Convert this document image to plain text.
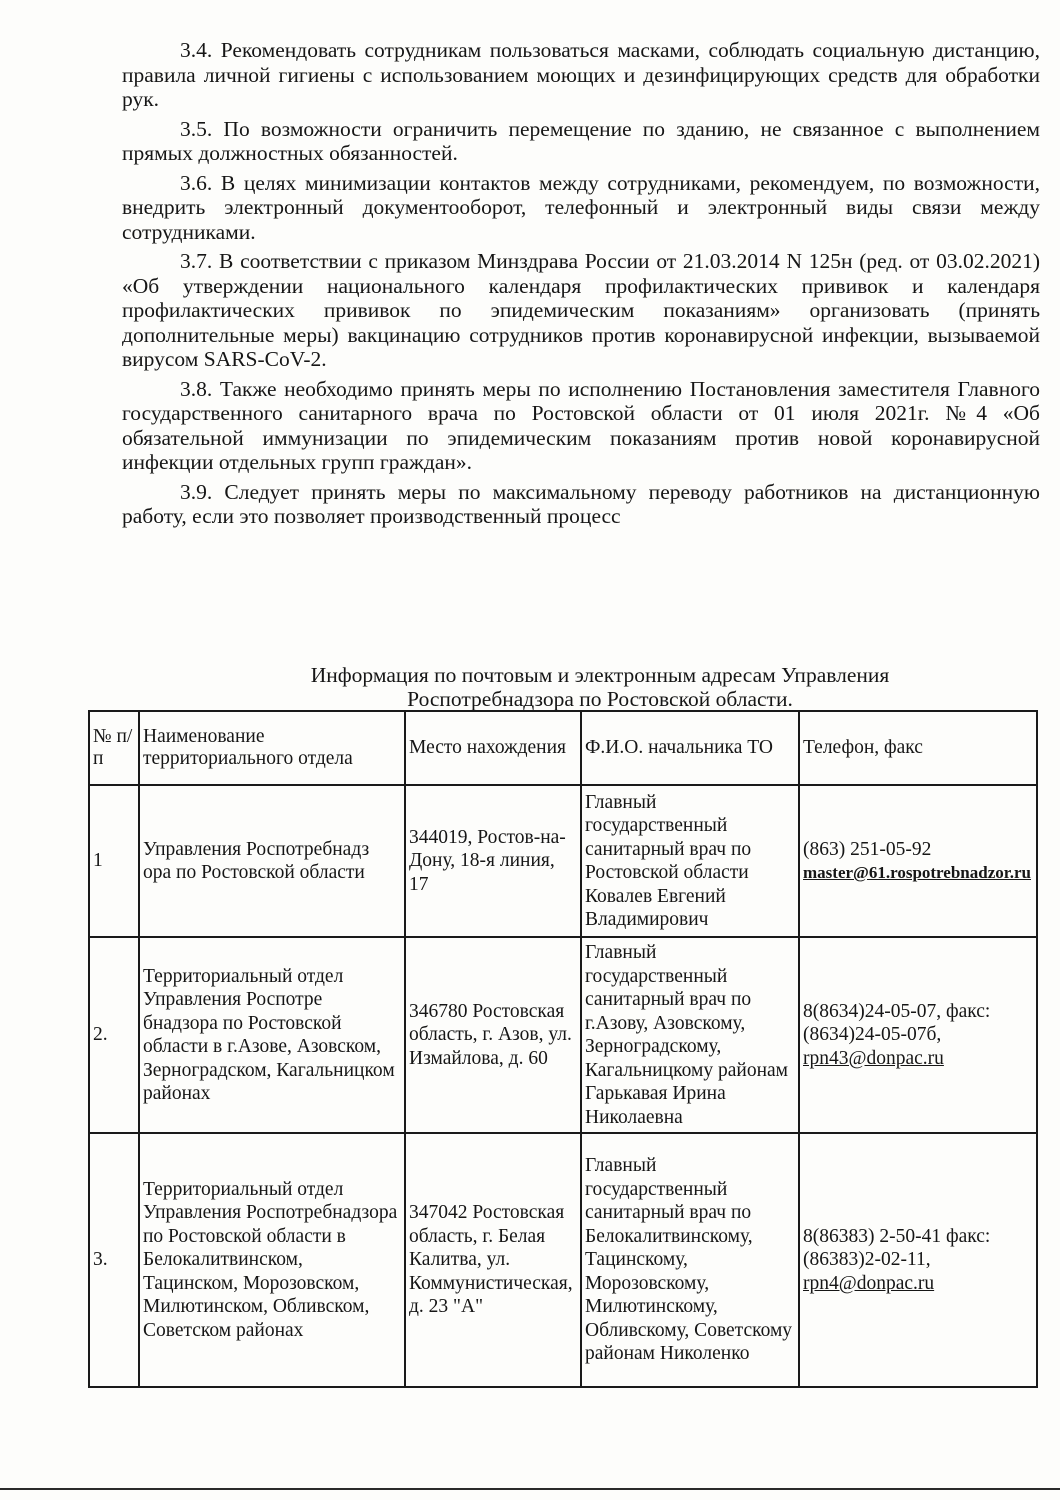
3.4. Рекомендовать сотрудникам пользоваться масками, соблюдать социальную дистанцию, правила личной гигиены с использованием моющих и дезинфицирующих средств для обработки рук.

3.5. По возможности ограничить перемещение по зданию, не связанное с выполнением прямых должностных обязанностей.

3.6. В целях минимизации контактов между сотрудниками, рекомендуем, по возможности, внедрить электронный документооборот, телефонный и электронный виды связи между сотрудниками.

3.7. В соответствии с приказом Минздрава России от 21.03.2014 N 125н (ред. от 03.02.2021) «Об утверждении национального календаря профилактических прививок и календаря профилактических прививок по эпидемическим показаниям» организовать (принять дополнительные меры) вакцинацию сотрудников против коронавирусной инфекции, вызываемой вирусом SARS-CoV-2.

3.8. Также необходимо принять меры по исполнению Постановления заместителя Главного государственного санитарного врача по Ростовской области от 01 июля 2021г. №4 «Об обязательной иммунизации по эпидемическим показаниям против новой коронавирусной инфекции отдельных групп граждан».

3.9. Следует принять меры по максимальному переводу работников на дистанционную работу, если это позволяет производственный процесс

Информация по почтовым и электронным адресам Управления
Роспотребнадзора по Ростовской области.
№ п/п	Наименование территориального отдела	Место нахождения	Ф.И.О. начальника ТО	Телефон, факс
1	Управления Роспотребнадз ора по Ростовской области	344019, Ростов-на-Дону, 18-я линия, 17	Главный государственный санитарный врач по Ростовской области Ковалев Евгений Владимирович	(863) 251-05-92
master@61.rospotrebnadzor.ru

2.	Территориальный отдел Управления Роспотре бнадзора по Ростовской области в г.Азове, Азовском, Зерноградском, Кагальницком районах	346780 Ростовская область, г. Азов, ул. Измайлова, д. 60	Главный государственный санитарный врач по г.Азову, Азовскому, Зерноградскому, Кагальницкому районам Гарькавая Ирина Николаевна	8(8634)24-05-07, факс: (8634)24-05-07б, rpn43@donpac.ru
3.	Территориальный отдел Управления Роспотребнадзора по Ростовской области в Белокалитвинском, Тацинском, Морозовском, Милютинском, Обливском, Советском районах	347042 Ростовская область, г. Белая Калитва, ул. Коммунистическая, д. 23 "А"	Главный государственный санитарный врач по Белокалитвинскому, Тацинскому, Морозовскому, Милютинскому, Обливскому, Советскому районам Николенко	8(86383) 2-50-41 факс: (86383)2-02-11, rpn4@donpac.ru
